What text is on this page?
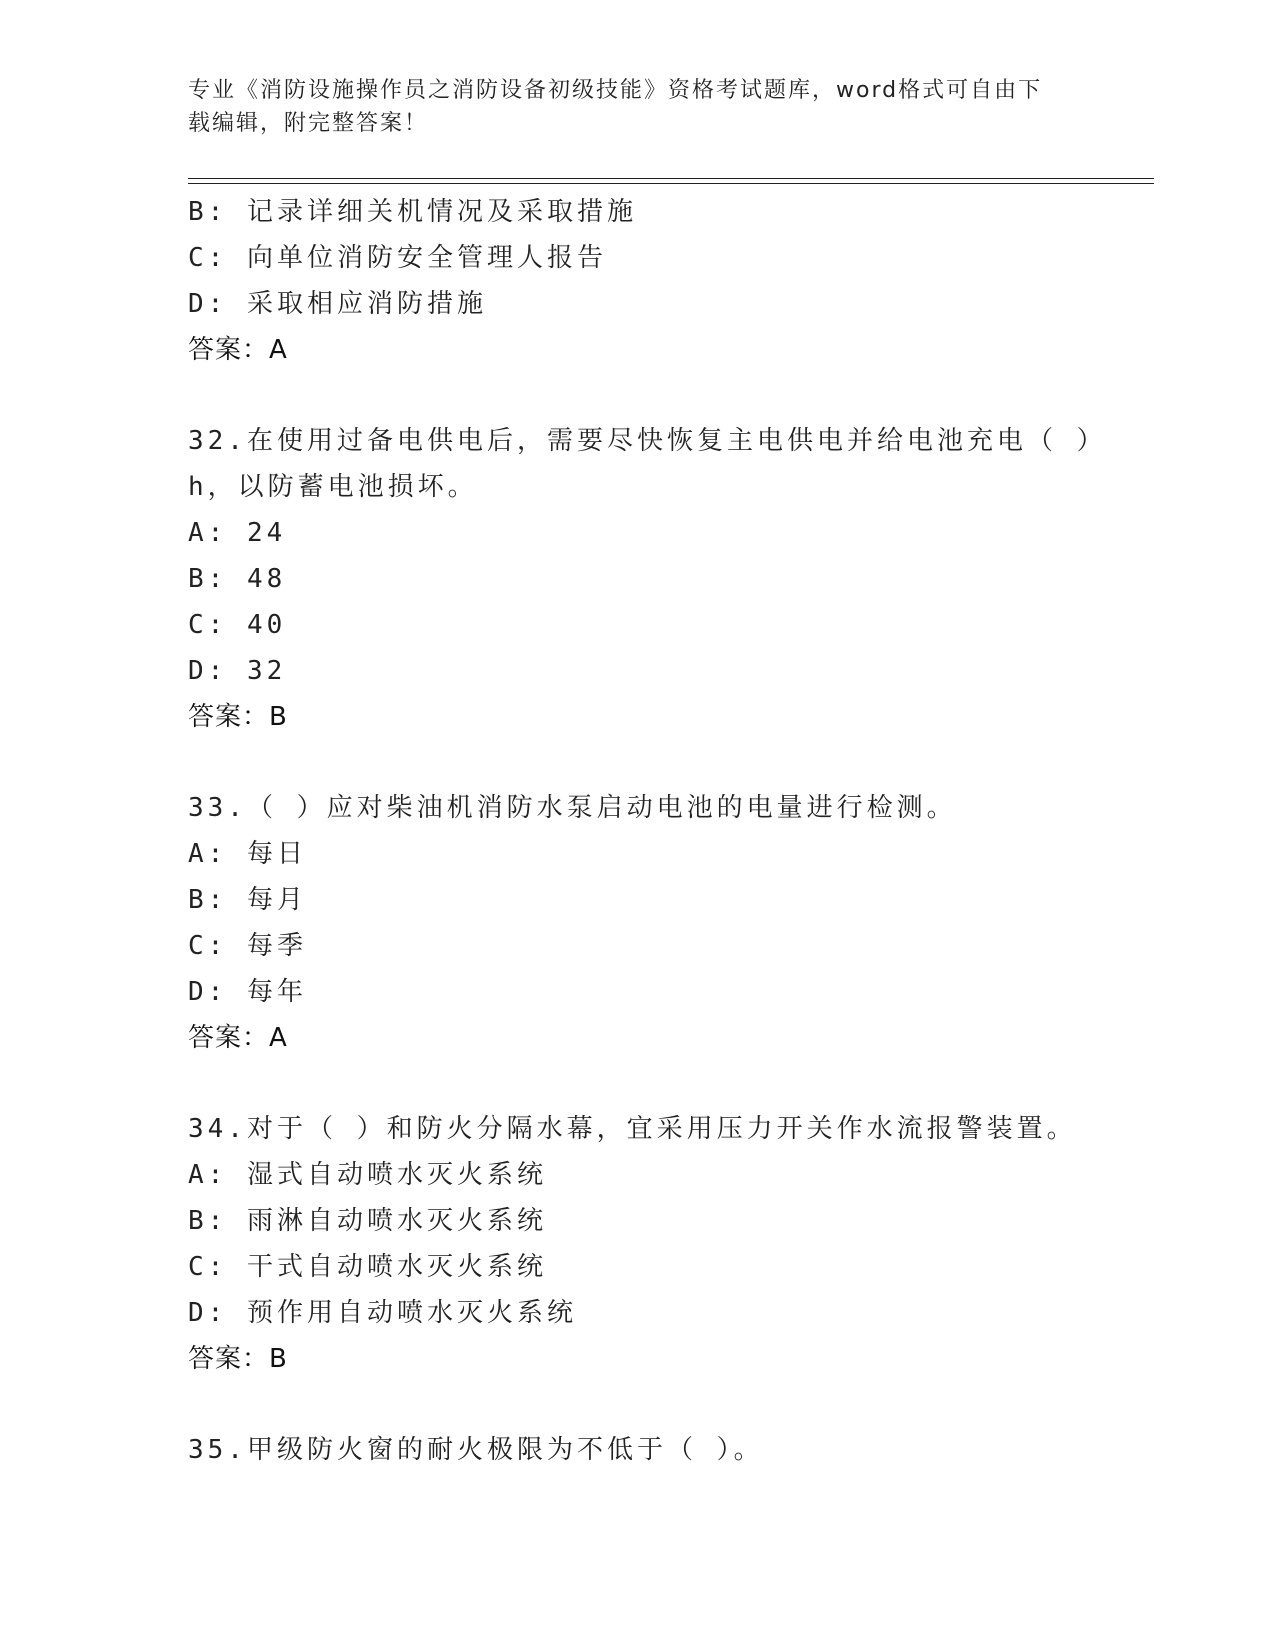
专业《消防设施操作员之消防设备初级技能》资格考试题库，word格式可自由下
载编辑，附完整答案！
B: 记录详细关机情况及采取措施
C: 向单位消防安全管理人报告
D: 采取相应消防措施
答案：A
32.在使用过备电供电后，需要尽快恢复主电供电并给电池充电（ ）
h，以防蓄电池损坏。
A: 24
B: 48
C: 40
D: 32
答案：B
33.（ ）应对柴油机消防水泵启动电池的电量进行检测。
A: 每日
B: 每月
C: 每季
D: 每年
答案：A
34.对于（ ）和防火分隔水幕，宜采用压力开关作水流报警装置。
A: 湿式自动喷水灭火系统
B: 雨淋自动喷水灭火系统
C: 干式自动喷水灭火系统
D: 预作用自动喷水灭火系统
答案：B
35.甲级防火窗的耐火极限为不低于（ ）。
